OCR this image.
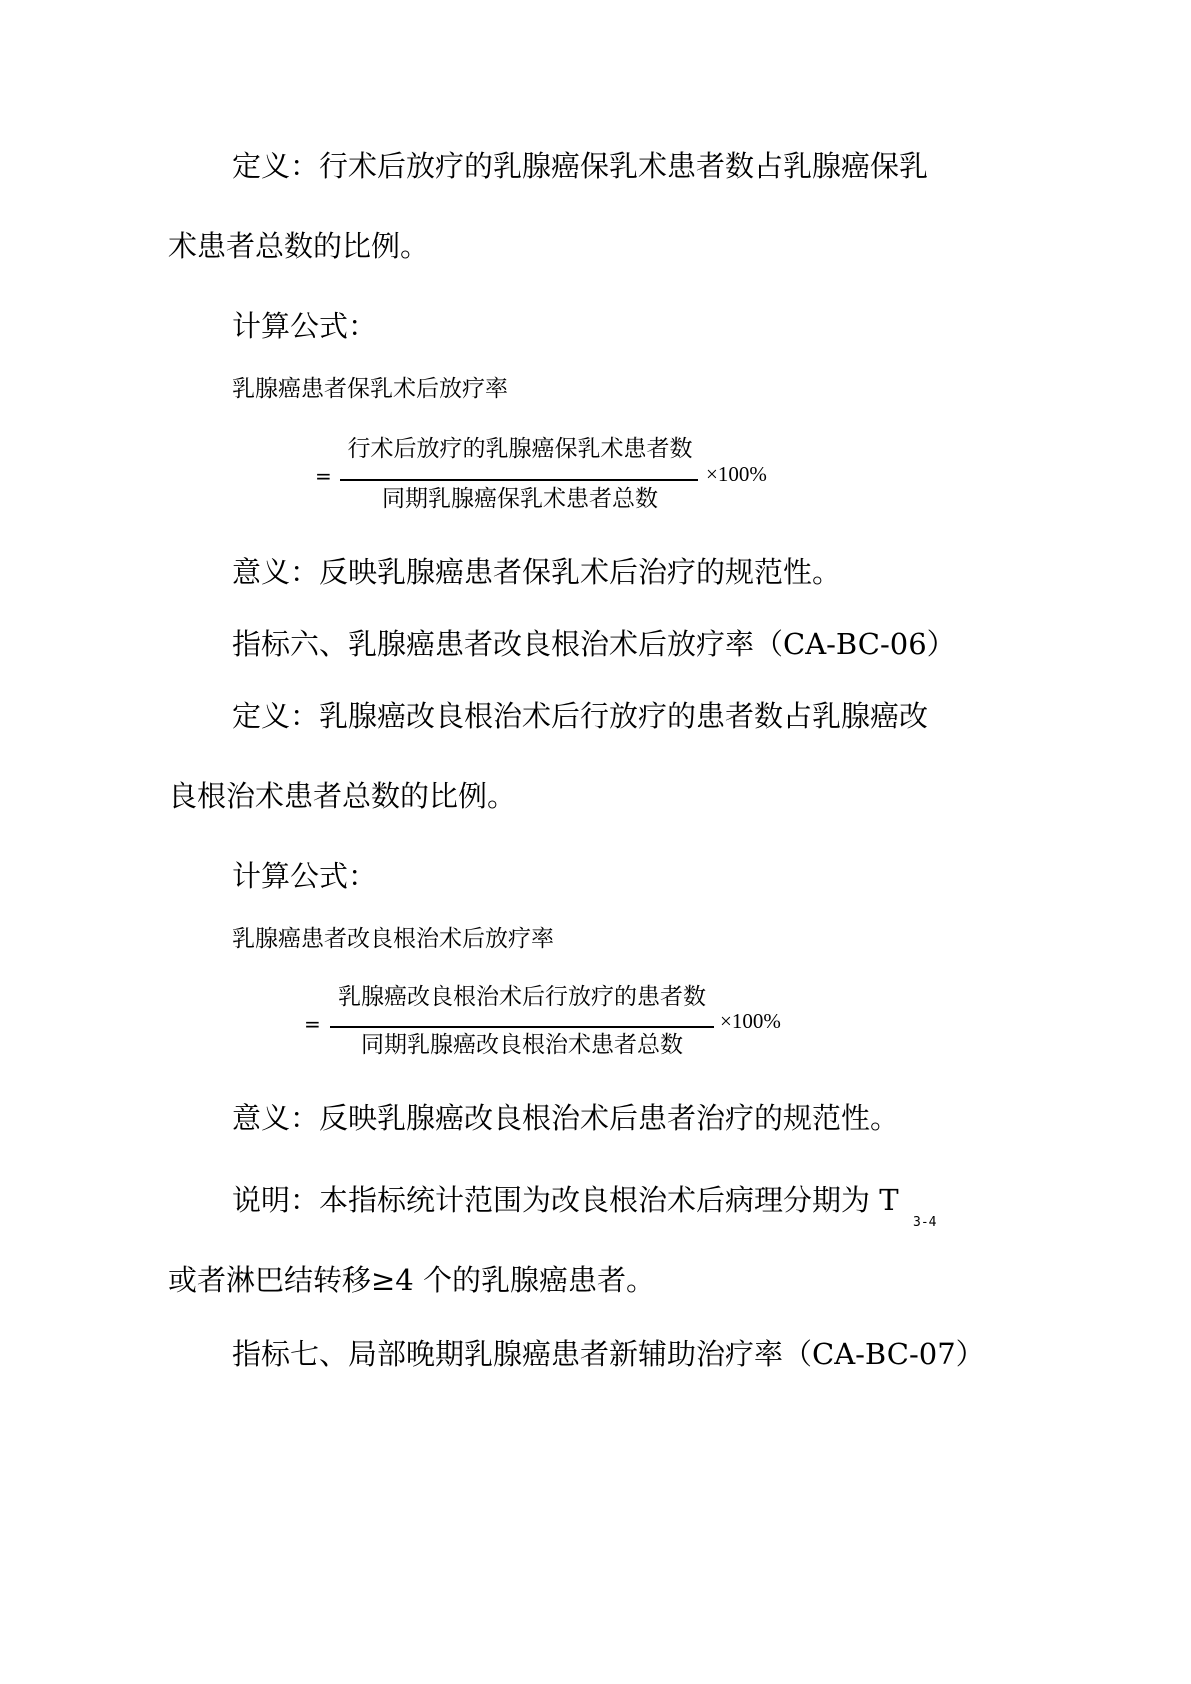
定义：行术后放疗的乳腺癌保乳术患者数占乳腺癌保乳
术患者总数的比例。
计算公式：
乳腺癌患者保乳术后放疗率
=
行术后放疗的乳腺癌保乳术患者数
同期乳腺癌保乳术患者总数
×100%
意义：反映乳腺癌患者保乳术后治疗的规范性。
指标六、乳腺癌患者改良根治术后放疗率（CA-BC-06）
定义：乳腺癌改良根治术后行放疗的患者数占乳腺癌改
良根治术患者总数的比例。
计算公式：
乳腺癌患者改良根治术后放疗率
=
乳腺癌改良根治术后行放疗的患者数
同期乳腺癌改良根治术患者总数
×100%
意义：反映乳腺癌改良根治术后患者治疗的规范性。
说明：本指标统计范围为改良根治术后病理分期为 T
3-4
或者淋巴结转移≥4 个的乳腺癌患者。
指标七、局部晚期乳腺癌患者新辅助治疗率（CA-BC-07）
